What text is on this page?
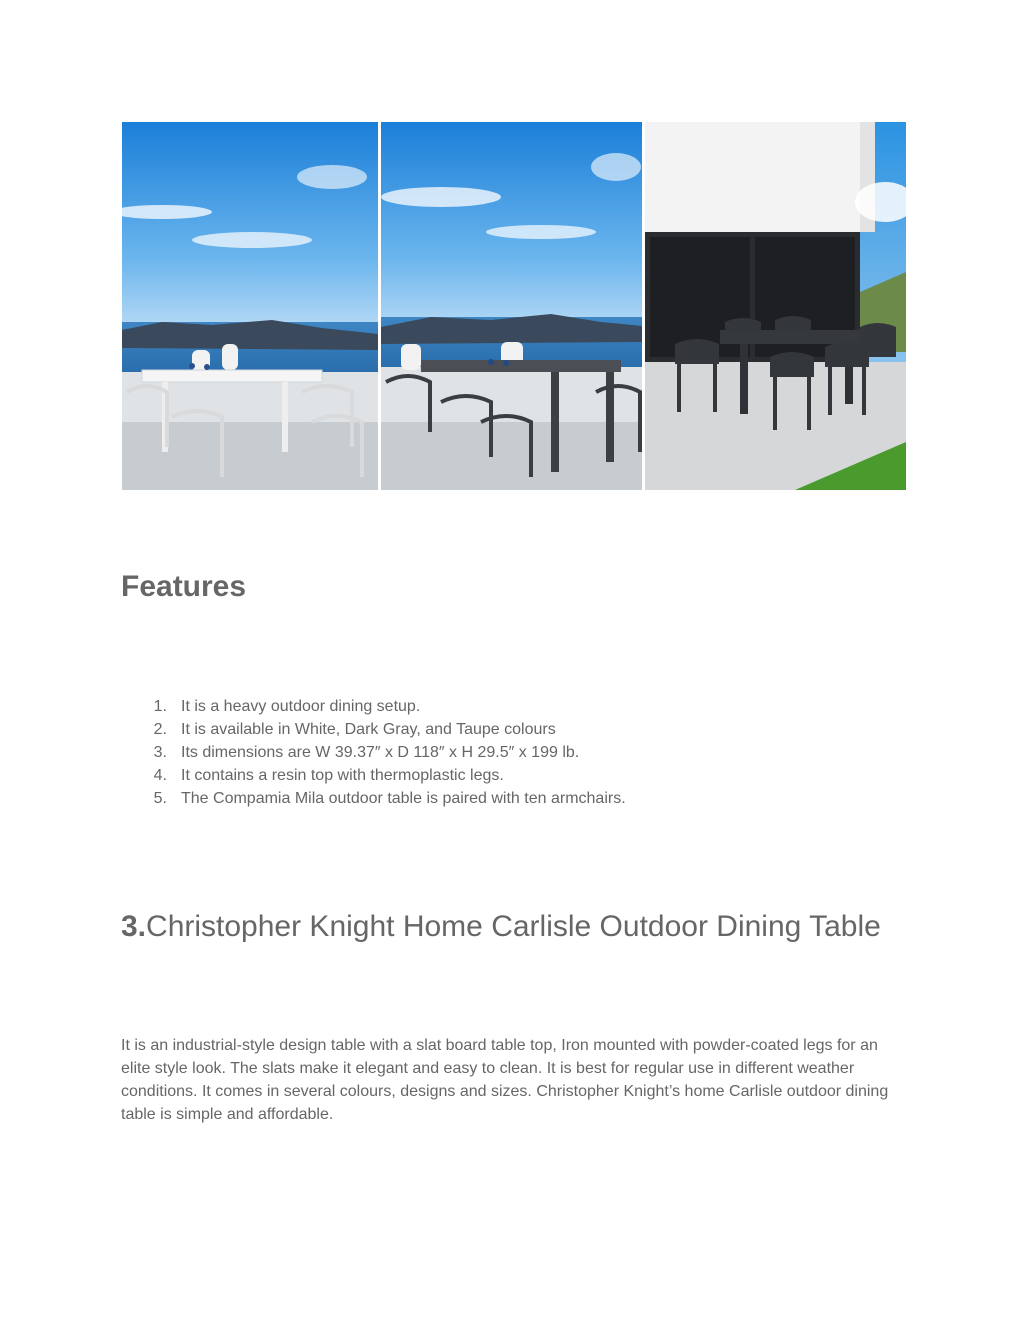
Features
1. It is a heavy outdoor dining setup.
2. It is available in White, Dark Gray, and Taupe colours
3. Its dimensions are W 39.37″ x D 118″ x H 29.5″ x 199 lb.
4. It contains a resin top with thermoplastic legs.
5. The Compamia Mila outdoor table is paired with ten armchairs.
3.Christopher Knight Home Carlisle Outdoor Dining Table

It is an industrial-style design table with a slat board table top, Iron mounted with powder-coated legs for an elite style look. The slats make it elegant and easy to clean. It is best for regular use in different weather conditions. It comes in several colours, designs and sizes. Christopher Knight’s home Carlisle outdoor dining table is simple and affordable.
